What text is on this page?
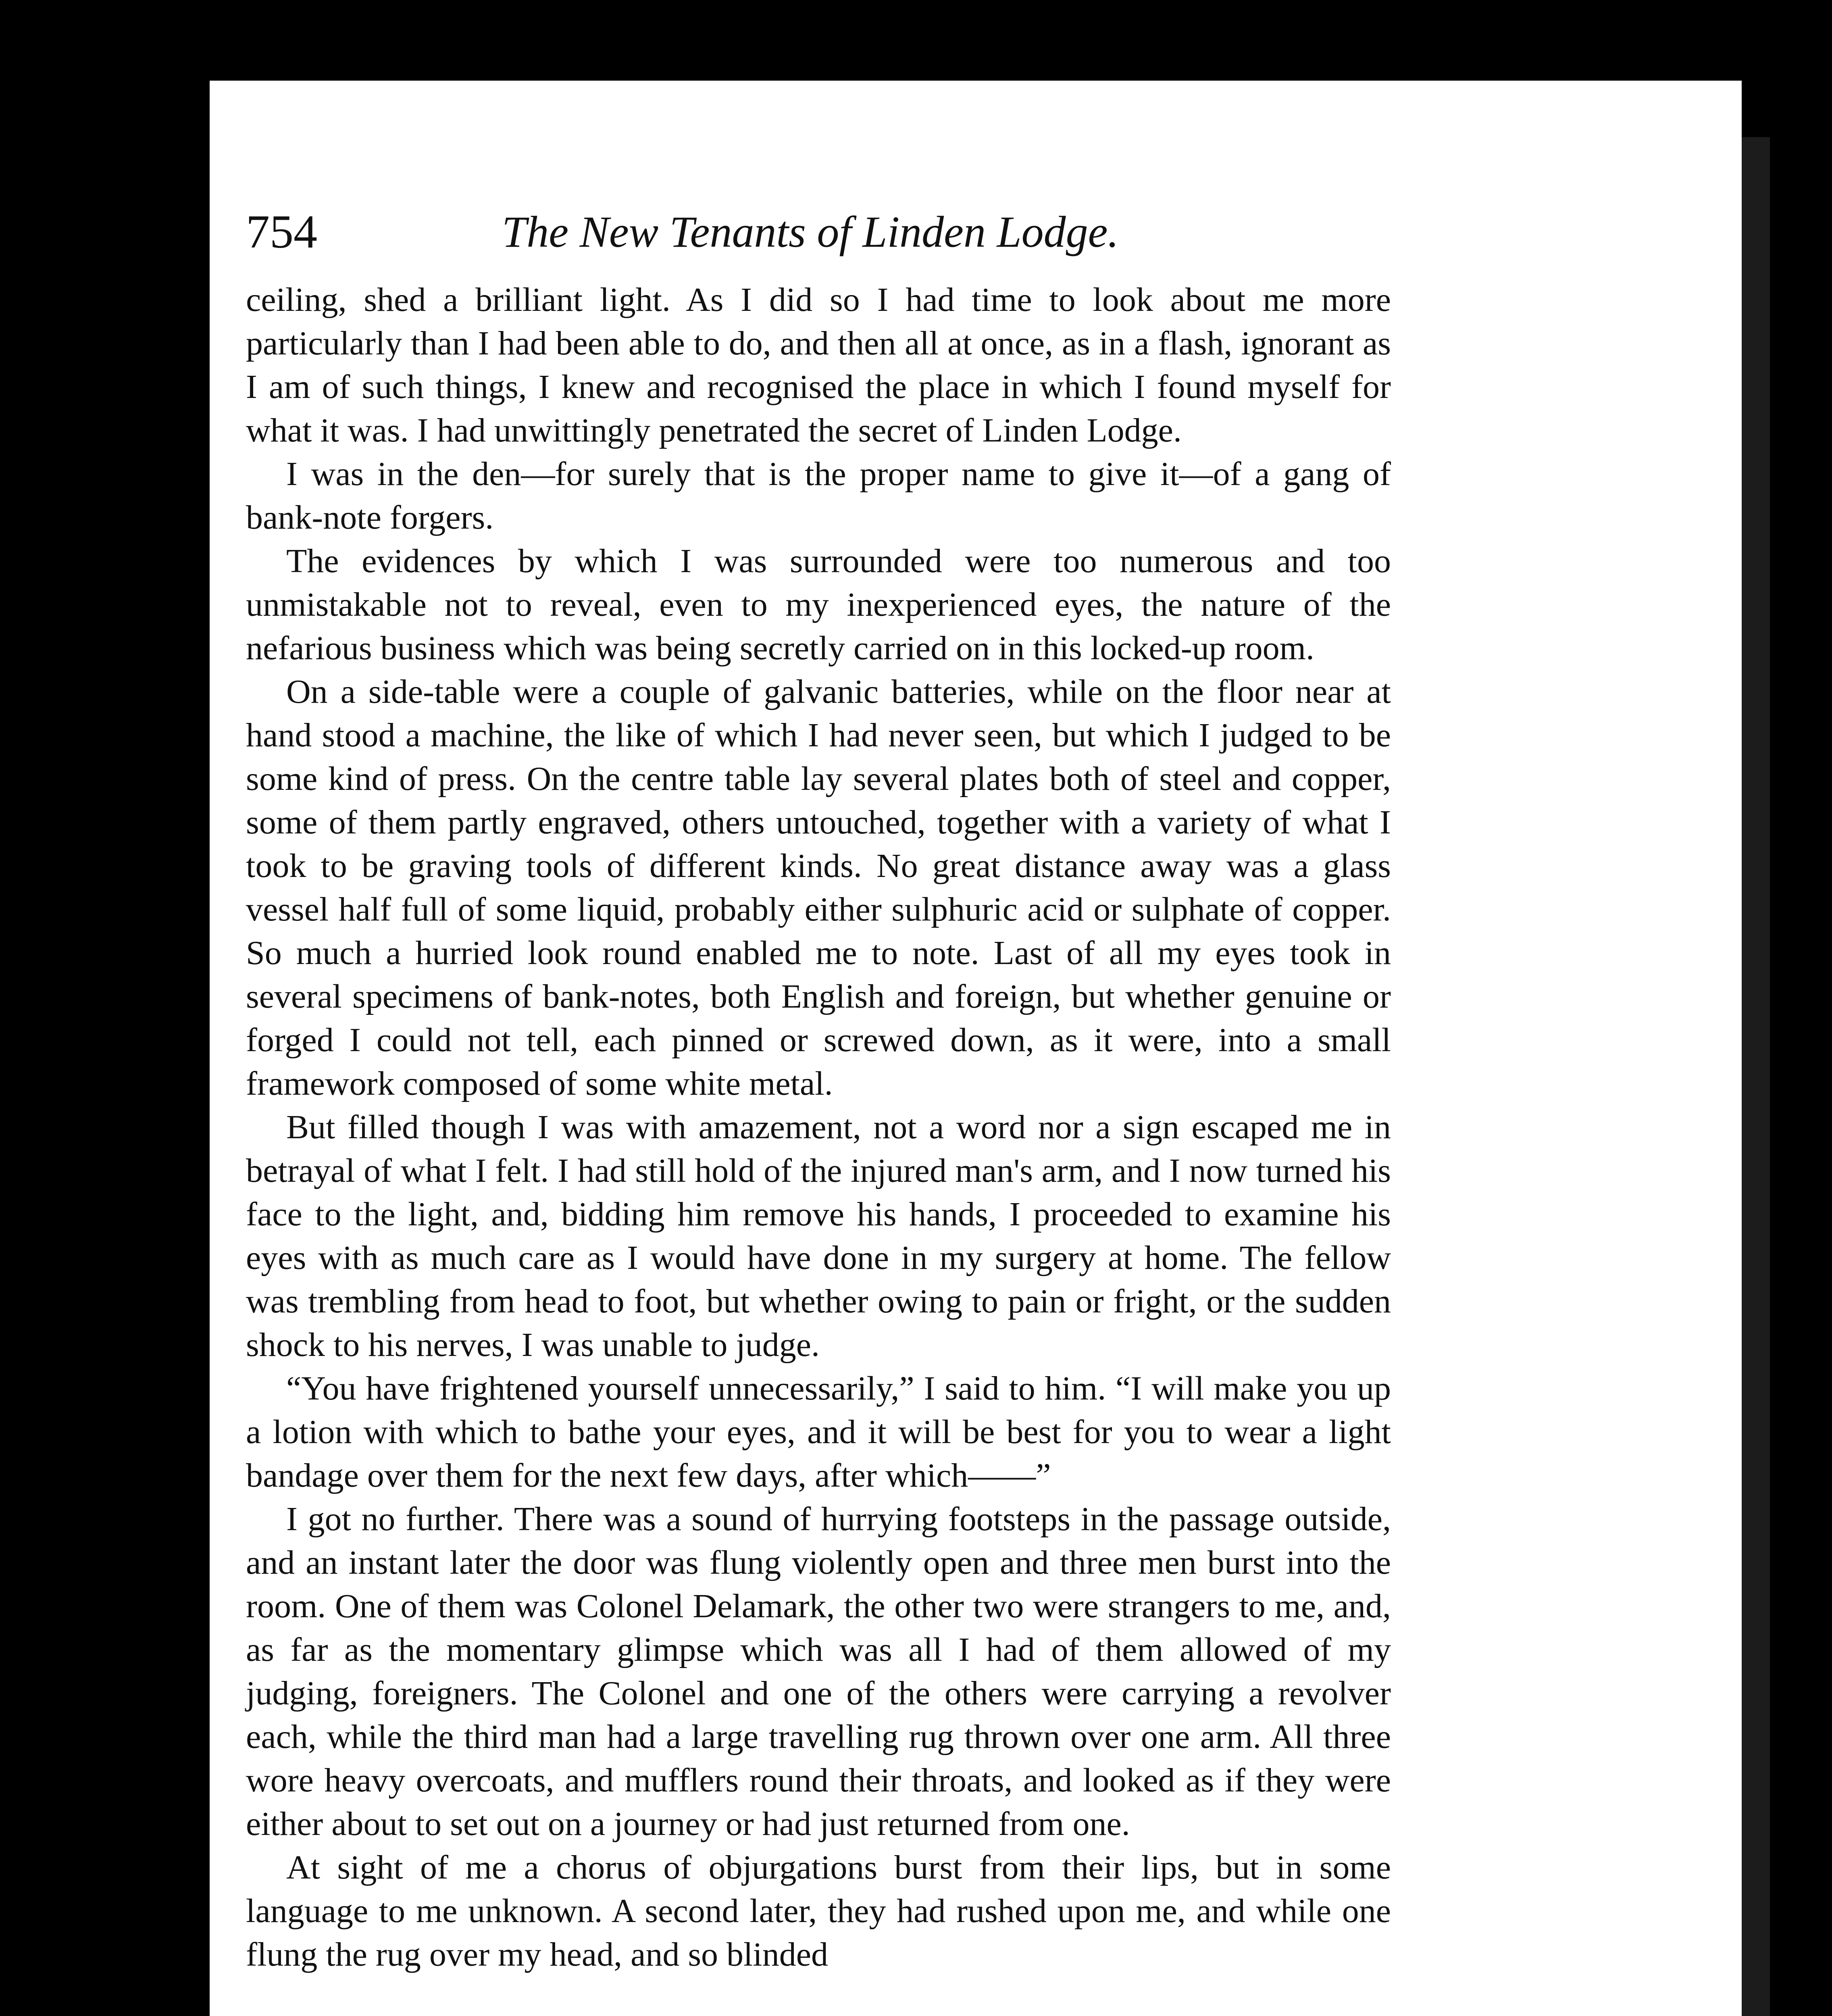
754	The New Tenants of Linden Lodge.

ceiling, shed a brilliant light. As I did so I had time to look about me more particularly than I had been able to do, and then all at once, as in a flash, ignorant as I am of such things, I knew and recognised the place in which I found myself for what it was. I had unwittingly penetrated the secret of Linden Lodge.

I was in the den—for surely that is the proper name to give it—of a gang of bank-note forgers.

The evidences by which I was surrounded were too numerous and too unmistakable not to reveal, even to my inexperienced eyes, the nature of the nefarious business which was being secretly carried on in this locked-up room.

On a side-table were a couple of galvanic batteries, while on the floor near at hand stood a machine, the like of which I had never seen, but which I judged to be some kind of press. On the centre table lay several plates both of steel and copper, some of them partly engraved, others untouched, together with a variety of what I took to be graving tools of different kinds. No great distance away was a glass vessel half full of some liquid, probably either sulphuric acid or sulphate of copper. So much a hurried look round enabled me to note. Last of all my eyes took in several specimens of bank-notes, both English and foreign, but whether genuine or forged I could not tell, each pinned or screwed down, as it were, into a small framework composed of some white metal.

But filled though I was with amazement, not a word nor a sign escaped me in betrayal of what I felt. I had still hold of the injured man's arm, and I now turned his face to the light, and, bidding him remove his hands, I proceeded to examine his eyes with as much care as I would have done in my surgery at home. The fellow was trembling from head to foot, but whether owing to pain or fright, or the sudden shock to his nerves, I was unable to judge.

“You have frightened yourself unnecessarily,” I said to him. “I will make you up a lotion with which to bathe your eyes, and it will be best for you to wear a light bandage over them for the next few days, after which——”

I got no further. There was a sound of hurrying footsteps in the passage outside, and an instant later the door was flung violently open and three men burst into the room. One of them was Colonel Delamark, the other two were strangers to me, and, as far as the momentary glimpse which was all I had of them allowed of my judging, foreigners. The Colonel and one of the others were carrying a revolver each, while the third man had a large travelling rug thrown over one arm. All three wore heavy overcoats, and mufflers round their throats, and looked as if they were either about to set out on a journey or had just returned from one.

At sight of me a chorus of objurgations burst from their lips, but in some language to me unknown. A second later, they had rushed upon me, and while one flung the rug over my head, and so blinded
